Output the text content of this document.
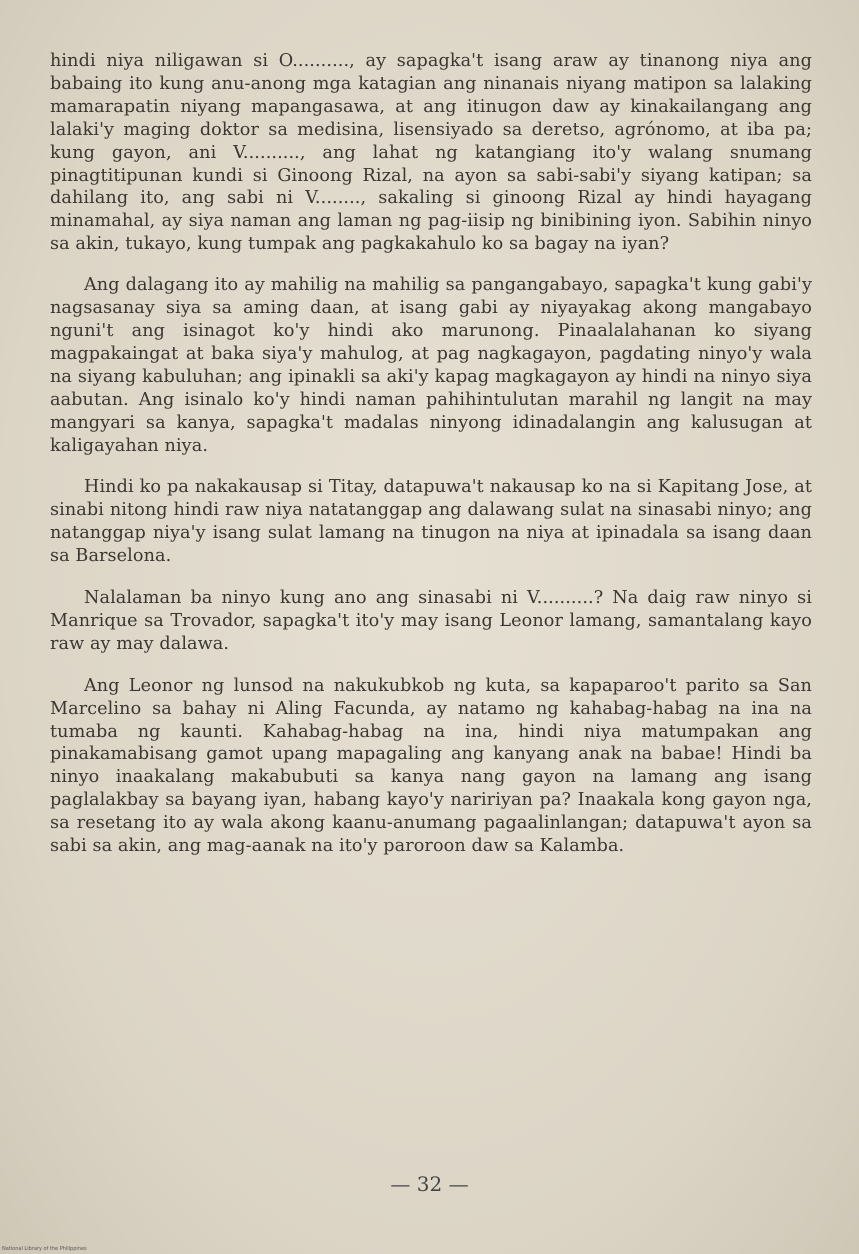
hindi niya niligawan si O.........., ay sapagka't isang araw ay tinanong niya ang babaing ito kung anu-anong mga katagian ang ninanais niyang matipon sa lalaking mamarapatin niyang mapangasawa, at ang itinugon daw ay kinakailangang ang lalaki'y maging doktor sa medisina, lisensiyado sa deretso, agrónomo, at iba pa; kung gayon, ani V.........., ang lahat ng katangiang ito'y walang snumang pinagtitipunan kundi si Ginoong Rizal, na ayon sa sabi-sabi'y siyang katipan; sa dahilang ito, ang sabi ni V........, sakaling si ginoong Rizal ay hindi hayagang minamahal, ay siya naman ang laman ng pag-iisip ng binibining iyon. Sabihin ninyo sa akin, tukayo, kung tumpak ang pagkakahulo ko sa bagay na iyan?

Ang dalagang ito ay mahilig na mahilig sa pangangabayo, sapagka't kung gabi'y nagsasanay siya sa aming daan, at isang gabi ay niyayakag akong mangabayo nguni't ang isinagot ko'y hindi ako marunong. Pinaalalahanan ko siyang magpakaingat at baka siya'y mahulog, at pag nagkagayon, pagdating ninyo'y wala na siyang kabuluhan; ang ipinakli sa aki'y kapag magkagayon ay hindi na ninyo siya aabutan. Ang isinalo ko'y hindi naman pahihintulutan marahil ng langit na may mangyari sa kanya, sapagka't madalas ninyong idinadalangin ang kalusugan at kaligayahan niya.

Hindi ko pa nakakausap si Titay, datapuwa't nakausap ko na si Kapitang Jose, at sinabi nitong hindi raw niya natatanggap ang dalawang sulat na sinasabi ninyo; ang natanggap niya'y isang sulat lamang na tinugon na niya at ipinadala sa isang daan sa Barselona.

Nalalaman ba ninyo kung ano ang sinasabi ni V..........? Na daig raw ninyo si Manrique sa Trovador, sapagka't ito'y may isang Leonor lamang, samantalang kayo raw ay may dalawa.

Ang Leonor ng lunsod na nakukubkob ng kuta, sa kapaparoo't parito sa San Marcelino sa bahay ni Aling Facunda, ay natamo ng kahabag-habag na ina na tumaba ng kaunti. Kahabag-habag na ina, hindi niya matumpakan ang pinakamabisang gamot upang mapagaling ang kanyang anak na babae! Hindi ba ninyo inaakalang makabubuti sa kanya nang gayon na lamang ang isang paglalakbay sa bayang iyan, habang kayo'y naririyan pa? Inaakala kong gayon nga, sa resetang ito ay wala akong kaanu-anumang pagaalinlangan; datapuwa't ayon sa sabi sa akin, ang mag-aanak na ito'y paroroon daw sa Kalamba.

— 32 —
National Library of the Philippines
